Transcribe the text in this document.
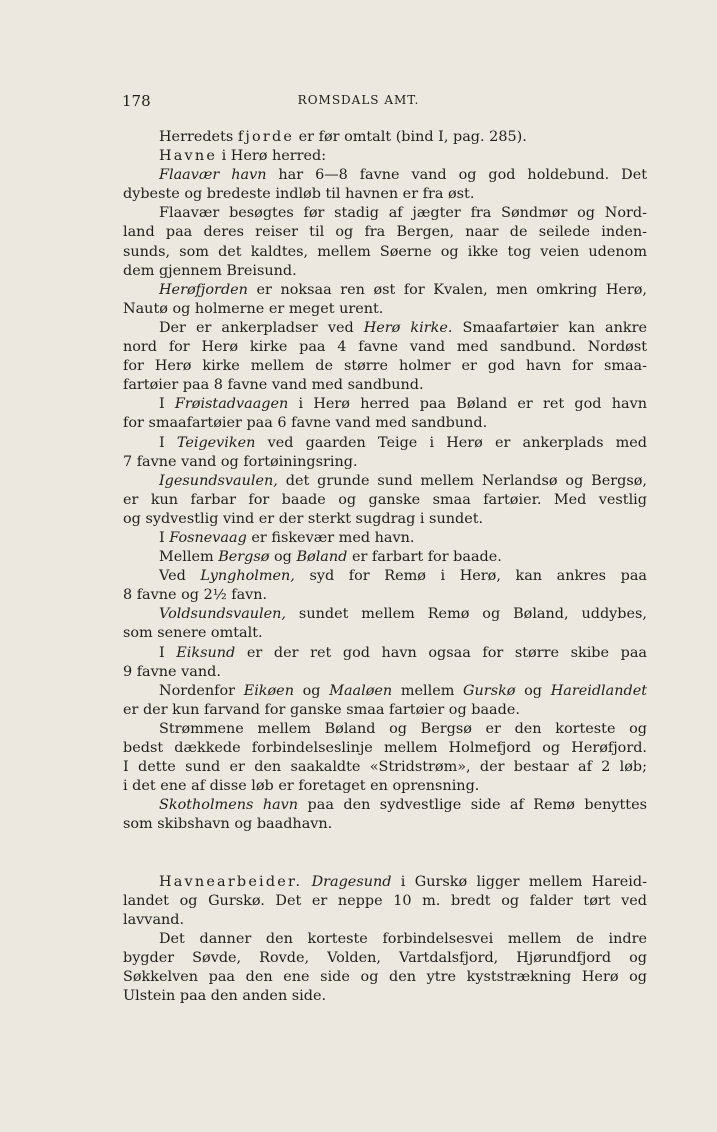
178	ROMSDALS AMT.
Herredets fjorde er før omtalt (bind I, pag. 285).
Havne i Herø herred:
Flaavær havn har 6—8 favne vand og god holdebund. Det
dybeste og bredeste indløb til havnen er fra øst.
Flaavær besøgtes før stadig af jægter fra Søndmør og Nord-
land paa deres reiser til og fra Bergen, naar de seilede inden-
sunds, som det kaldtes, mellem Søerne og ikke tog veien udenom
dem gjennem Breisund.
Herøfjorden er noksaa ren øst for Kvalen, men omkring Herø,
Nautø og holmerne er meget urent.
Der er ankerpladser ved Herø kirke. Smaafartøier kan ankre
nord for Herø kirke paa 4 favne vand med sandbund. Nordøst
for Herø kirke mellem de større holmer er god havn for smaa-
fartøier paa 8 favne vand med sandbund.
I Frøistadvaagen i Herø herred paa Bøland er ret god havn
for smaafartøier paa 6 favne vand med sandbund.
I Teigeviken ved gaarden Teige i Herø er ankerplads med
7 favne vand og fortøiningsring.
Igesundsvaulen, det grunde sund mellem Nerlandsø og Bergsø,
er kun farbar for baade og ganske smaa fartøier. Med vestlig
og sydvestlig vind er der sterkt sugdrag i sundet.
I Fosnevaag er fiskevær med havn.
Mellem Bergsø og Bøland er farbart for baade.
Ved Lyngholmen, syd for Remø i Herø, kan ankres paa
8 favne og 2½ favn.
Voldsundsvaulen, sundet mellem Remø og Bøland, uddybes,
som senere omtalt.
I Eiksund er der ret god havn ogsaa for større skibe paa
9 favne vand.
Nordenfor Eikøen og Maaløen mellem Gurskø og Hareidlandet
er der kun farvand for ganske smaa fartøier og baade.
Strømmene mellem Bøland og Bergsø er den korteste og
bedst dækkede forbindelseslinje mellem Holmefjord og Herøfjord.
I dette sund er den saakaldte «Stridstrøm», der bestaar af 2 løb;
i det ene af disse løb er foretaget en oprensning.
Skotholmens havn paa den sydvestlige side af Remø benyttes
som skibshavn og baadhavn.
Havnearbeider. Dragesund i Gurskø ligger mellem Hareid-
landet og Gurskø. Det er neppe 10 m. bredt og falder tørt ved
lavvand.
Det danner den korteste forbindelsesvei mellem de indre
bygder Søvde, Rovde, Volden, Vartdalsfjord, Hjørundfjord og
Søkkelven paa den ene side og den ytre kyststrækning Herø og
Ulstein paa den anden side.
